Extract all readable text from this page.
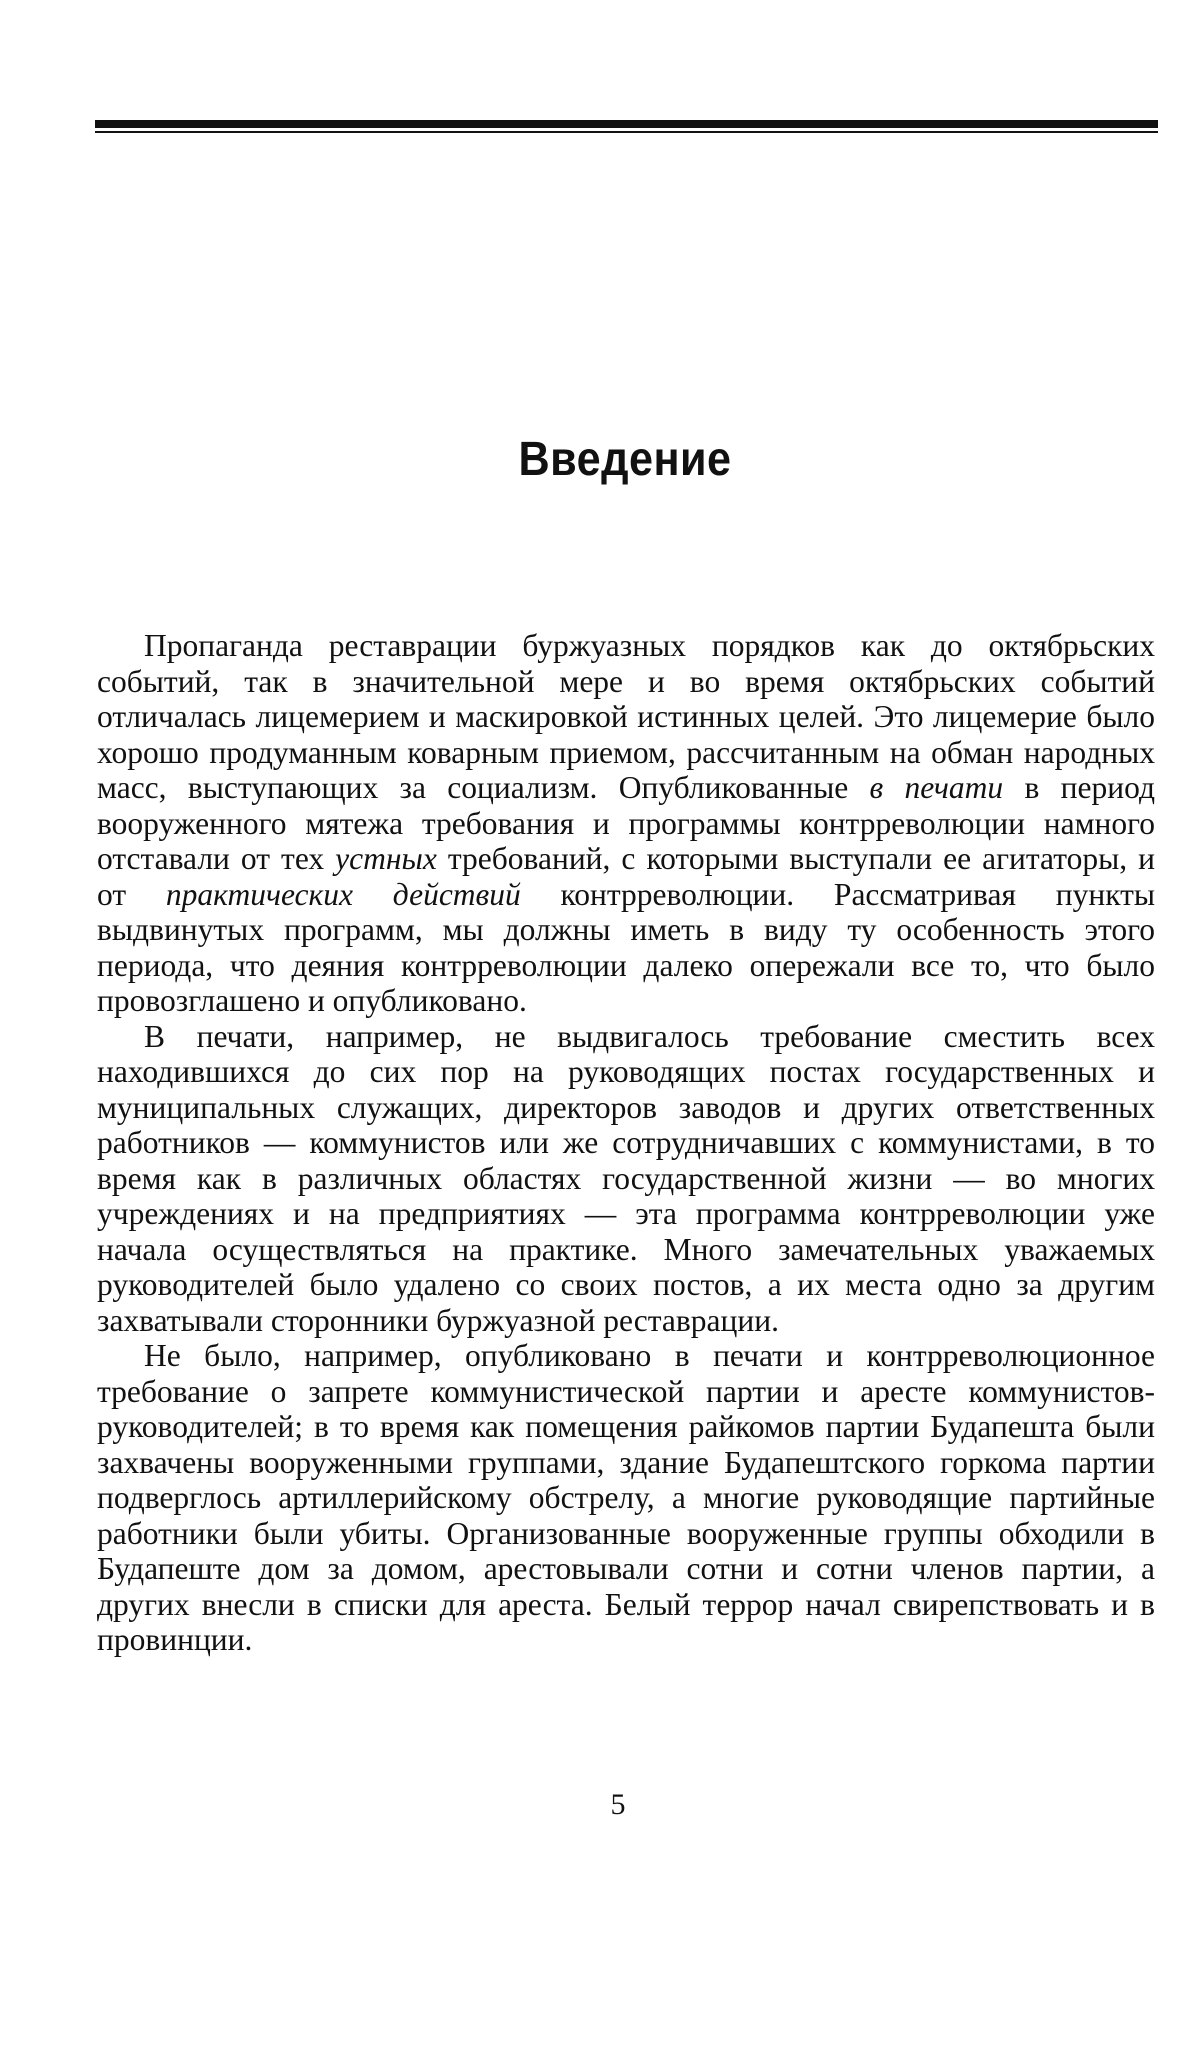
Введение

Пропаганда реставрации буржуазных порядков как до октябрьских событий, так в значительной мере и во время октябрьских событий отличалась лицемерием и маскировкой истинных целей. Это лицемерие было хорошо продуманным коварным приемом, рассчитанным на обман народных масс, выступающих за социализм. Опубликованные в печати в период вооруженного мятежа требования и программы контрреволюции намного отставали от тех устных требований, с которыми выступали ее агитаторы, и от практических действий контрреволюции. Рассматривая пункты выдвинутых программ, мы должны иметь в виду ту особенность этого периода, что деяния контрреволюции далеко опережали все то, что было провозглашено и опубликовано.

В печати, например, не выдвигалось требование сместить всех находившихся до сих пор на руководящих постах государственных и муниципальных служащих, директоров заводов и других ответственных работников — коммунистов или же сотрудничавших с коммунистами, в то время как в различных областях государственной жизни — во многих учреждениях и на предприятиях — эта программа контрреволюции уже начала осуществляться на практике. Много замечательных уважаемых руководителей было удалено со своих постов, а их места одно за другим захватывали сторонники буржуазной реставрации.

Не было, например, опубликовано в печати и контрреволюционное требование о запрете коммунистической партии и аресте коммунистов-руководителей; в то время как помещения райкомов партии Будапешта были захвачены вооруженными группами, здание Будапештского горкома партии подверглось артиллерийскому обстрелу, а многие руководящие партийные работники были убиты. Организованные вооруженные группы обходили в Будапеште дом за домом, арестовывали сотни и сотни членов партии, а других внесли в списки для ареста. Белый террор начал свирепствовать и в провинции.

5
